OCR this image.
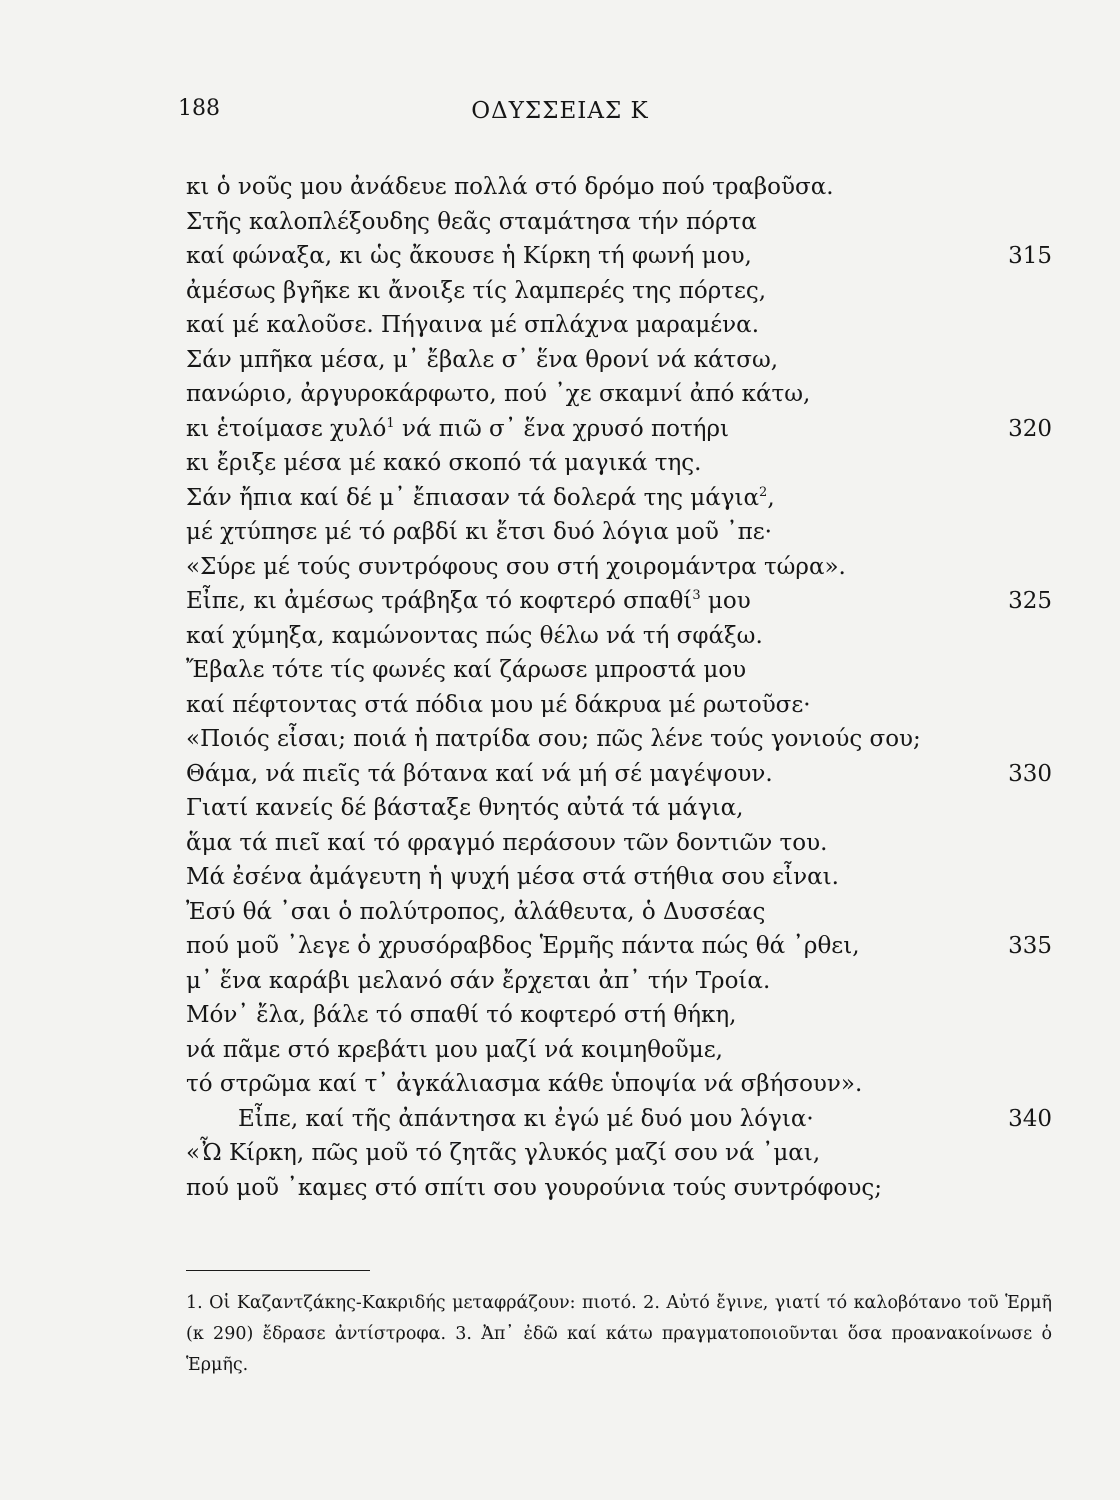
188	ΟΔΥΣΣΕΙΑΣ Κ
κι ὁ νοῦς μου ἀνάδευε πολλά στό δρόμο πού τραβοῦσα.
Στῆς καλοπλέξουδης θεᾶς σταμάτησα τήν πόρτα
καί φώναξα, κι ὡς ἄκουσε ἡ Κίρκη τή φωνή μου,	315
ἀμέσως βγῆκε κι ἄνοιξε τίς λαμπερές της πόρτες,
καί μέ καλοῦσε. Πήγαινα μέ σπλάχνα μαραμένα.
Σάν μπῆκα μέσα, μ᾿ ἔβαλε σ᾿ ἕνα θρονί νά κάτσω,
πανώριο, ἀργυροκάρφωτο, πού ᾿χε σκαμνί ἀπό κάτω,
κι ἑτοίμασε χυλό$^1$ νά πιῶ σ᾿ ἕνα χρυσό ποτήρι	320
κι ἔριξε μέσα μέ κακό σκοπό τά μαγικά της.
Σάν ἤπια καί δέ μ᾿ ἔπιασαν τά δολερά της μάγια$^2$,
μέ χτύπησε μέ τό ραβδί κι ἔτσι δυό λόγια μοῦ ᾿πε·
«Σύρε μέ τούς συντρόφους σου στή χοιρομάντρα τώρα».
Εἶπε, κι ἀμέσως τράβηξα τό κοφτερό σπαθί$^3$ μου	325
καί χύμηξα, καμώνοντας πώς θέλω νά τή σφάξω.
Ἔβαλε τότε τίς φωνές καί ζάρωσε μπροστά μου
καί πέφτοντας στά πόδια μου μέ δάκρυα μέ ρωτοῦσε·
«Ποιός εἶσαι; ποιά ἡ πατρίδα σου; πῶς λένε τούς γονιούς σου;
Θάμα, νά πιεῖς τά βότανα καί νά μή σέ μαγέψουν.	330
Γιατί κανείς δέ βάσταξε θνητός αὐτά τά μάγια,
ἅμα τά πιεῖ καί τό φραγμό περάσουν τῶν δοντιῶν του.
Μά ἐσένα ἀμάγευτη ἡ ψυχή μέσα στά στήθια σου εἶναι.
Ἐσύ θά ᾿σαι ὁ πολύτροπος, ἀλάθευτα, ὁ Δυσσέας
πού μοῦ ᾿λεγε ὁ χρυσόραβδος Ἑρμῆς πάντα πώς θά ᾿ρθει,	335
μ᾿ ἕνα καράβι μελανό σάν ἔρχεται ἀπ᾿ τήν Τροία.
Μόν᾿ ἔλα, βάλε τό σπαθί τό κοφτερό στή θήκη,
νά πᾶμε στό κρεβάτι μου μαζί νά κοιμηθοῦμε,
τό στρῶμα καί τ᾿ ἀγκάλιασμα κάθε ὑποψία νά σβήσουν».
Εἶπε, καί τῆς ἀπάντησα κι ἐγώ μέ δυό μου λόγια·	340
«Ὦ Κίρκη, πῶς μοῦ τό ζητᾶς γλυκός μαζί σου νά ᾿μαι,
πού μοῦ ᾿καμες στό σπίτι σου γουρούνια τούς συντρόφους;
1. Οἱ Καζαντζάκης-Κακριδής μεταφράζουν: πιοτό. 2. Αὐτό ἔγινε, γιατί τό καλοβότανο τοῦ Ἑρμῆ (κ 290) ἔδρασε ἀντίστροφα. 3. Ἀπ᾿ ἐδῶ καί κάτω πραγματοποιοῦνται ὅσα προανακοίνωσε ὁ Ἑρμῆς.
